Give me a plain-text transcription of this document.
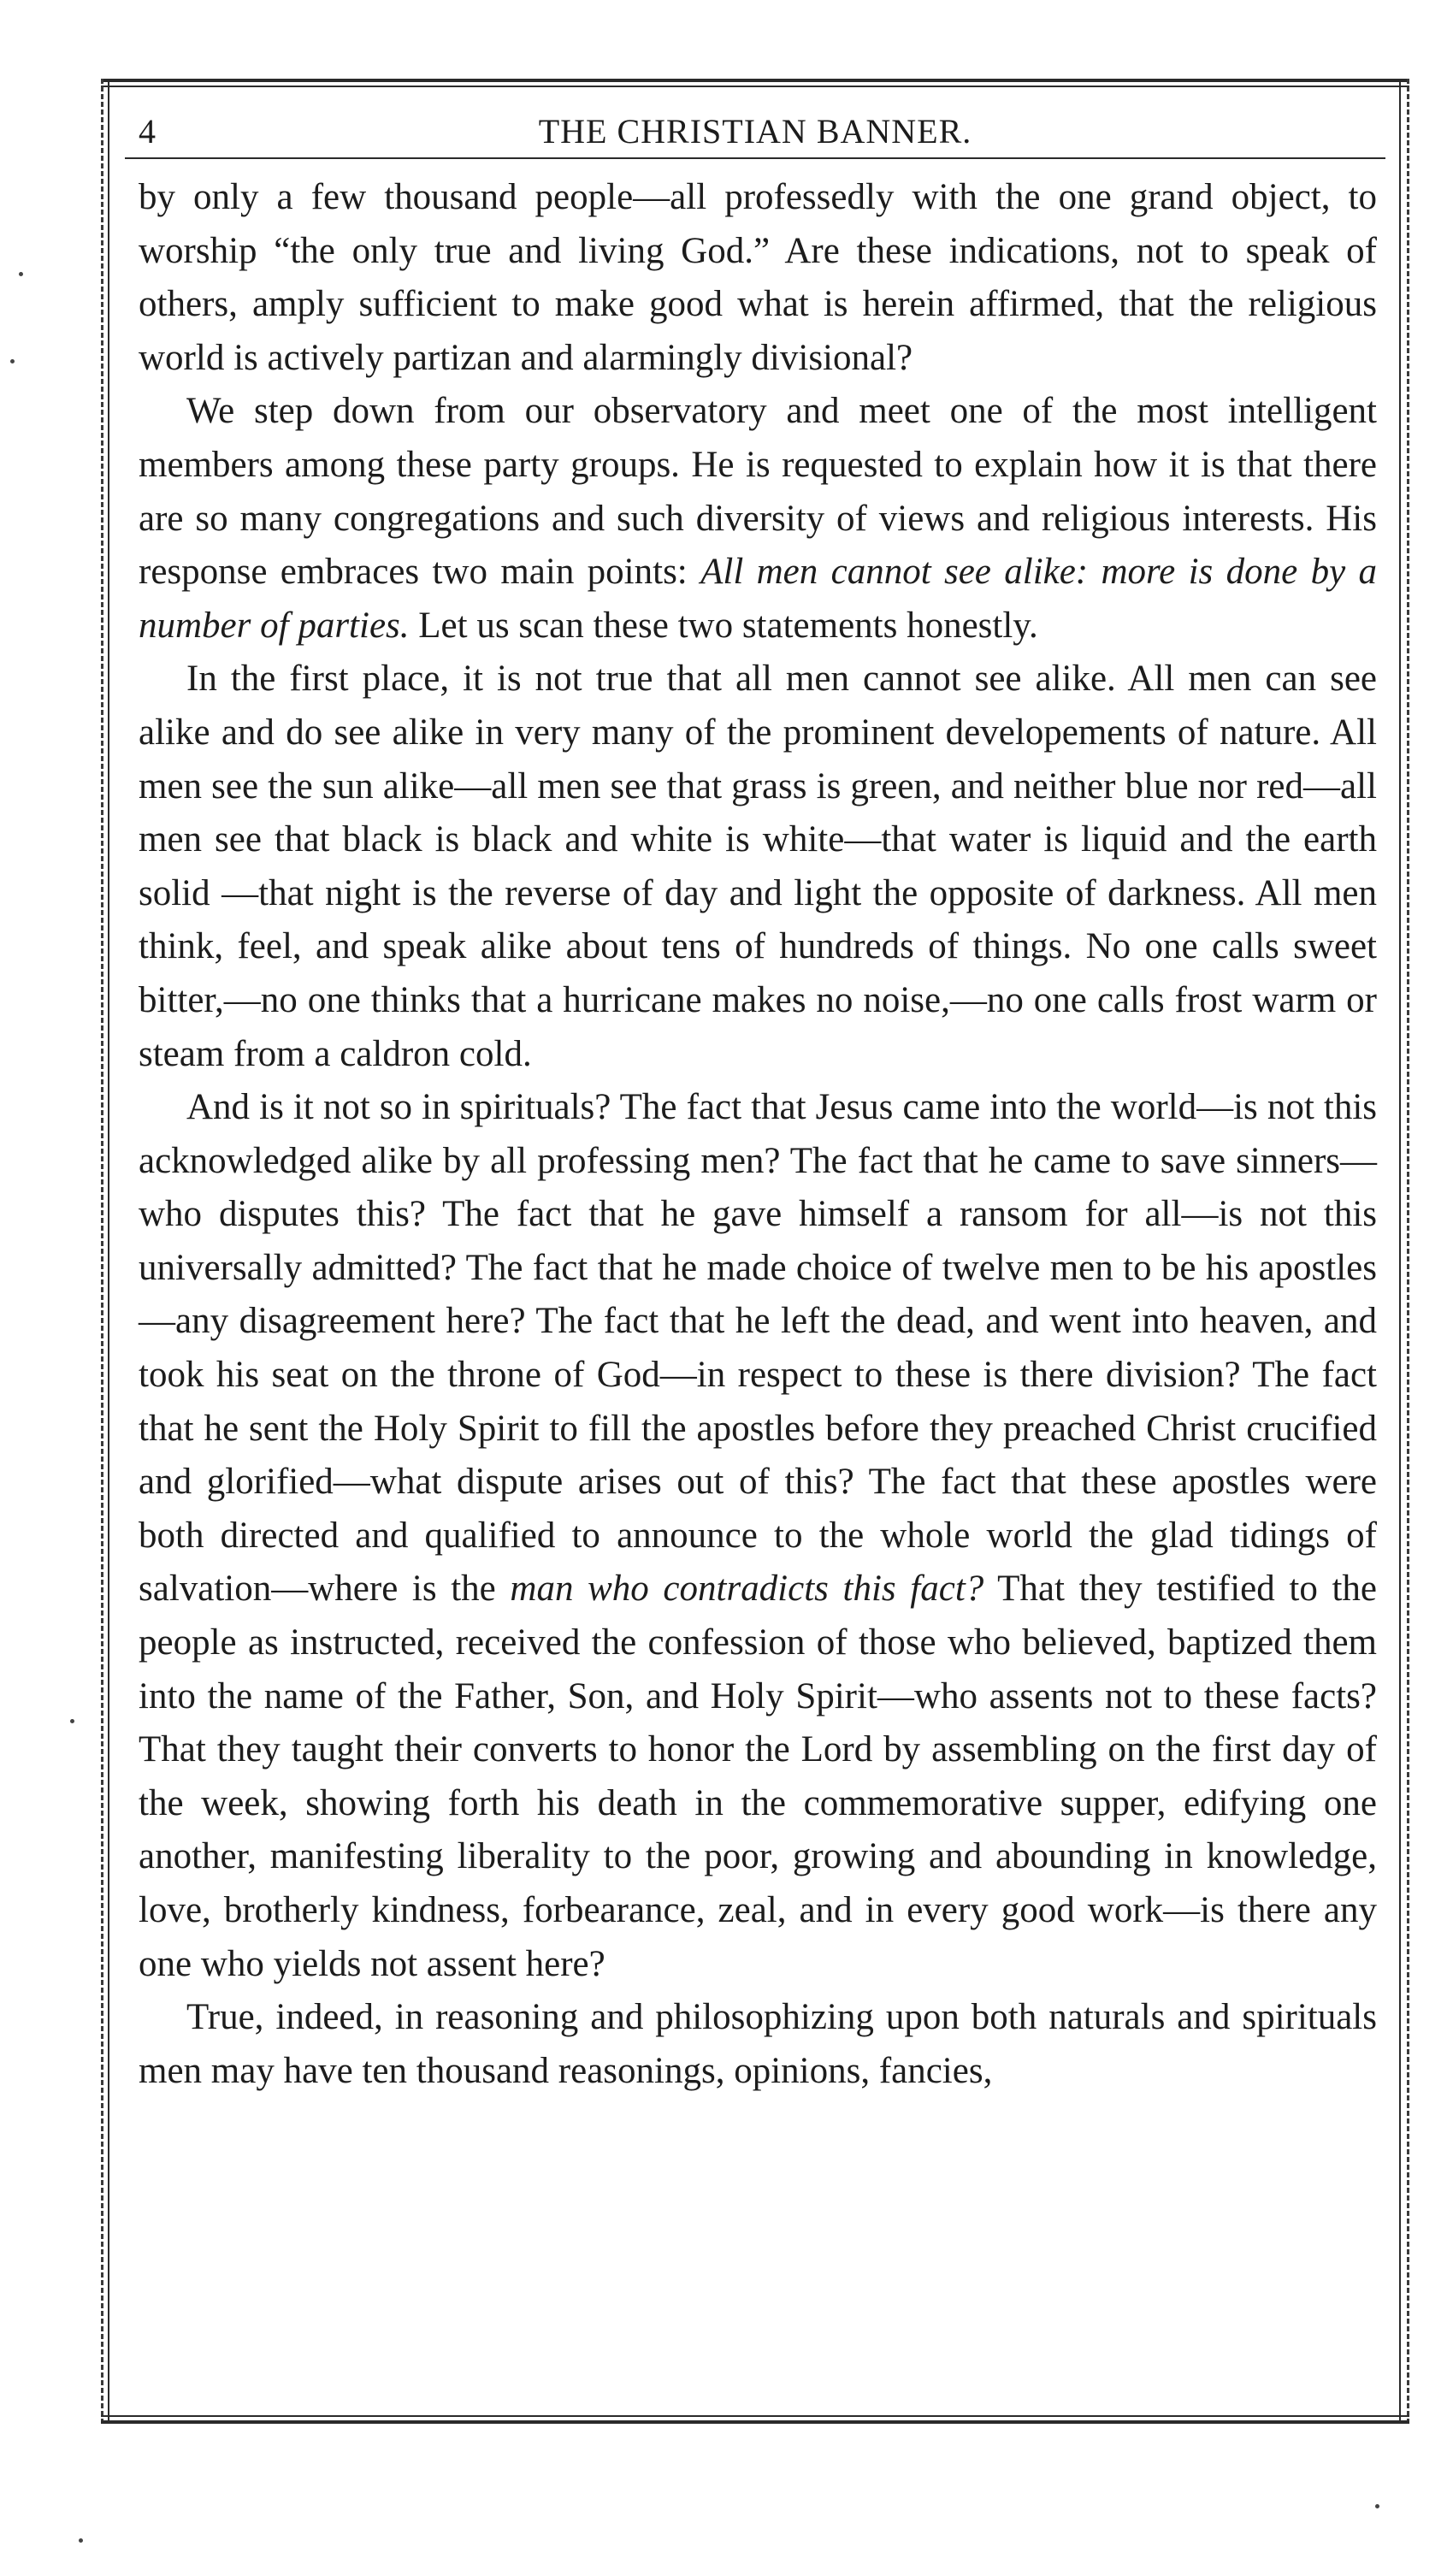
4	THE CHRISTIAN BANNER.

by only a few thousand people—all professedly with the one grand object, to worship “the only true and living God.” Are these indications, not to speak of others, amply sufficient to make good what is herein affirmed, that the religious world is actively partizan and alarmingly divisional?

We step down from our observatory and meet one of the most intelligent members among these party groups. He is requested to explain how it is that there are so many congregations and such diversity of views and religious interests. His response embraces two main points: All men cannot see alike: more is done by a number of parties. Let us scan these two statements honestly.

In the first place, it is not true that all men cannot see alike. All men can see alike and do see alike in very many of the prominent developements of nature. All men see the sun alike—all men see that grass is green, and neither blue nor red—all men see that black is black and white is white—that water is liquid and the earth solid —that night is the reverse of day and light the opposite of darkness. All men think, feel, and speak alike about tens of hundreds of things. No one calls sweet bitter,—no one thinks that a hurricane makes no noise,—no one calls frost warm or steam from a caldron cold.

And is it not so in spirituals? The fact that Jesus came into the world—is not this acknowledged alike by all professing men? The fact that he came to save sinners—who disputes this? The fact that he gave himself a ransom for all—is not this universally admitted? The fact that he made choice of twelve men to be his apostles—any disagreement here? The fact that he left the dead, and went into heaven, and took his seat on the throne of God—in respect to these is there division? The fact that he sent the Holy Spirit to fill the apostles before they preached Christ crucified and glorified—what dispute arises out of this? The fact that these apostles were both directed and qualified to announce to the whole world the glad tidings of salvation—where is the man who contradicts this fact? That they testified to the people as instructed, received the confession of those who believed, baptized them into the name of the Father, Son, and Holy Spirit—who assents not to these facts? That they taught their converts to honor the Lord by assembling on the first day of the week, showing forth his death in the commemorative supper, edifying one another, manifesting liberality to the poor, growing and abounding in knowledge, love, brotherly kindness, forbearance, zeal, and in every good work—is there any one who yields not assent here?

True, indeed, in reasoning and philosophizing upon both naturals and spirituals men may have ten thousand reasonings, opinions, fancies,
